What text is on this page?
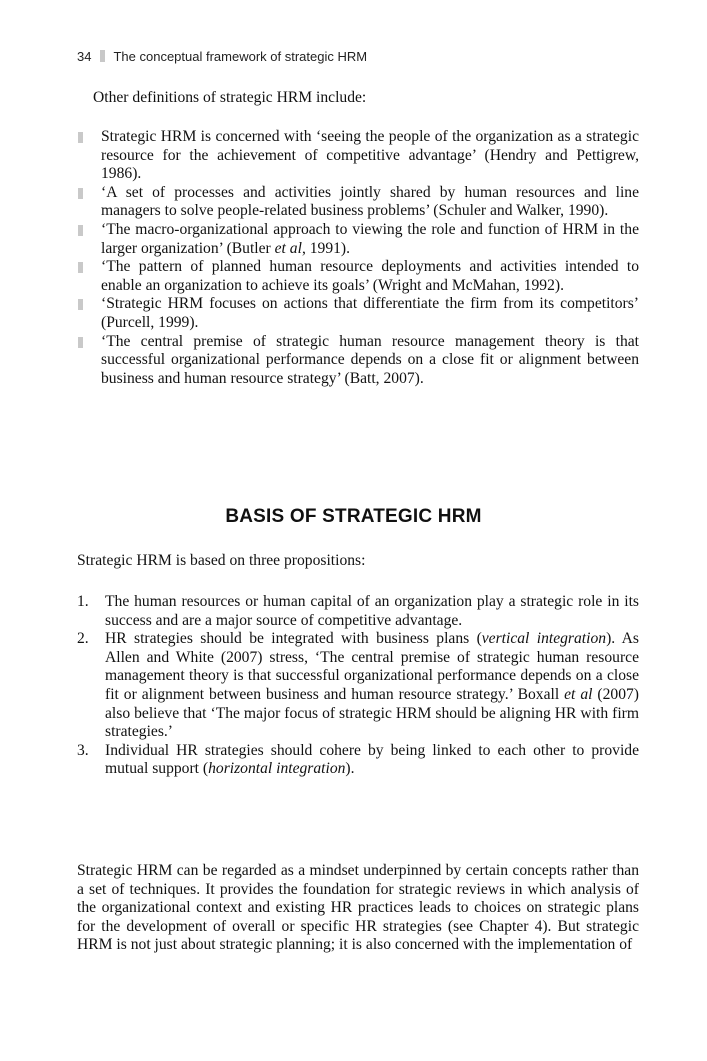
34 The conceptual framework of strategic HRM
Other definitions of strategic HRM include:
Strategic HRM is concerned with ‘seeing the people of the organization as a strategic resource for the achievement of competitive advantage’ (Hendry and Pettigrew, 1986).
‘A set of processes and activities jointly shared by human resources and line managers to solve people-related business problems’ (Schuler and Walker, 1990).
‘The macro-organizational approach to viewing the role and function of HRM in the larger organization’ (Butler et al, 1991).
‘The pattern of planned human resource deployments and activities intended to enable an organization to achieve its goals’ (Wright and McMahan, 1992).
‘Strategic HRM focuses on actions that differentiate the firm from its competitors’ (Purcell, 1999).
‘The central premise of strategic human resource management theory is that successful organizational performance depends on a close fit or alignment between business and human resource strategy’ (Batt, 2007).
BASIS OF STRATEGIC HRM
Strategic HRM is based on three propositions:
1. The human resources or human capital of an organization play a strategic role in its success and are a major source of competitive advantage.
2. HR strategies should be integrated with business plans (vertical integration). As Allen and White (2007) stress, ‘The central premise of strategic human resource management theory is that successful organizational performance depends on a close fit or alignment between business and human resource strategy.’ Boxall et al (2007) also believe that ‘The major focus of strategic HRM should be aligning HR with firm strategies.’
3. Individual HR strategies should cohere by being linked to each other to provide mutual support (horizontal integration).
Strategic HRM can be regarded as a mindset underpinned by certain concepts rather than a set of techniques. It provides the foundation for strategic reviews in which analysis of the organizational context and existing HR practices leads to choices on strategic plans for the development of overall or specific HR strategies (see Chapter 4). But strategic HRM is not just about strategic planning; it is also concerned with the implementation of
